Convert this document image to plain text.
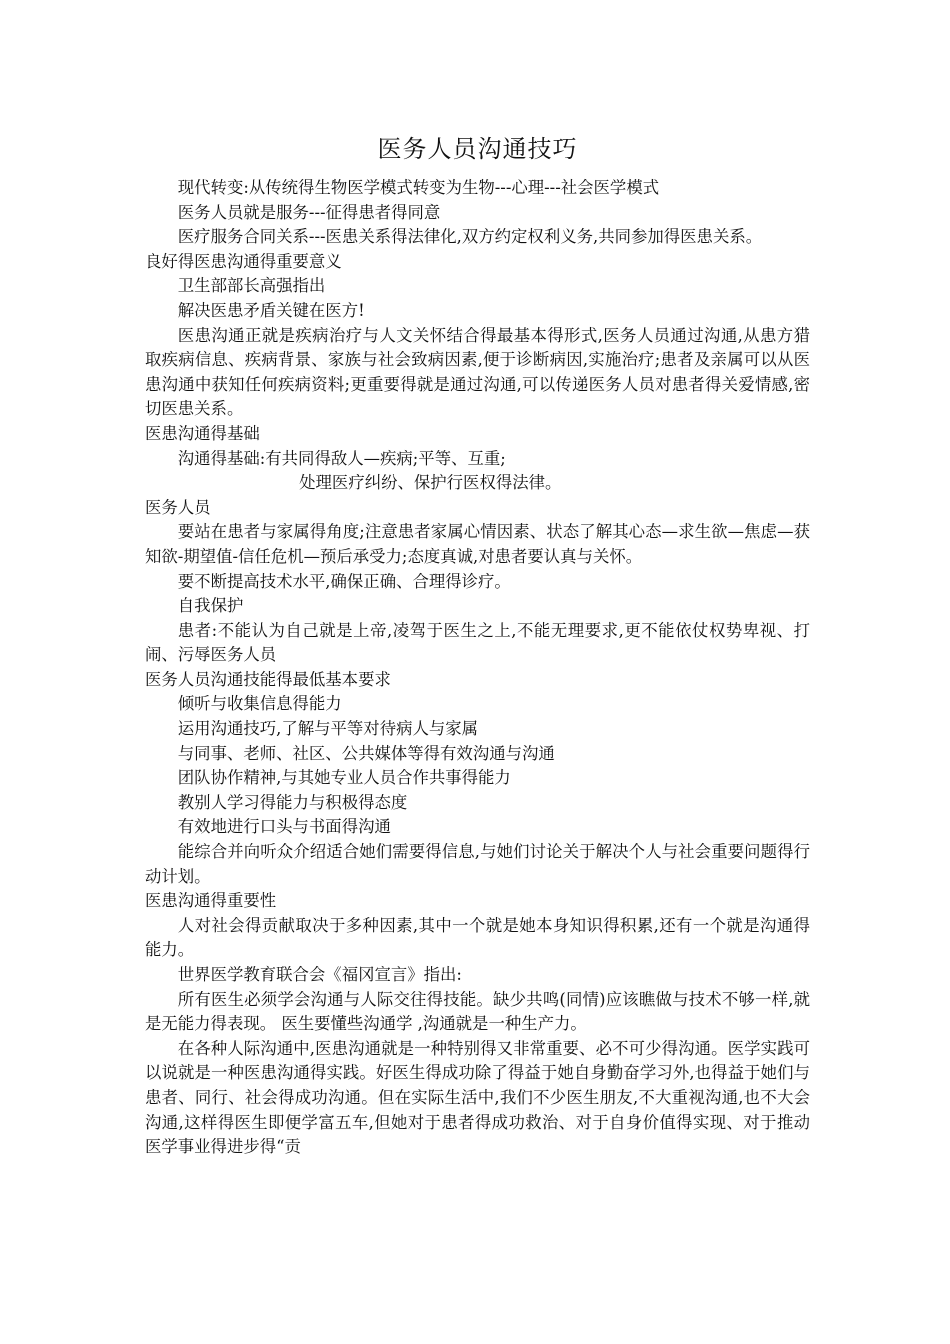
医务人员沟通技巧

现代转变:从传统得生物医学模式转变为生物---心理---社会医学模式

医务人员就是服务---征得患者得同意

医疗服务合同关系---医患关系得法律化,双方约定权利义务,共同参加得医患关系。

良好得医患沟通得重要意义

卫生部部长高强指出

解决医患矛盾关键在医方!

医患沟通正就是疾病治疗与人文关怀结合得最基本得形式,医务人员通过沟通,从患方猎取疾病信息、疾病背景、家族与社会致病因素,便于诊断病因,实施治疗;患者及亲属可以从医患沟通中获知任何疾病资料;更重要得就是通过沟通,可以传递医务人员对患者得关爱情感,密切医患关系。

医患沟通得基础

沟通得基础:有共同得敌人—疾病;平等、互重;

处理医疗纠纷、保护行医权得法律。

医务人员

要站在患者与家属得角度;注意患者家属心情因素、状态了解其心态—求生欲—焦虑—获知欲-期望值-信任危机—预后承受力;态度真诚,对患者要认真与关怀。

要不断提高技术水平,确保正确、合理得诊疗。

自我保护

患者:不能认为自己就是上帝,凌驾于医生之上,不能无理要求,更不能依仗权势卑视、打闹、污辱医务人员

医务人员沟通技能得最低基本要求

倾听与收集信息得能力

运用沟通技巧,了解与平等对待病人与家属

与同事、老师、社区、公共媒体等得有效沟通与沟通

团队协作精神,与其她专业人员合作共事得能力

教别人学习得能力与积极得态度

有效地进行口头与书面得沟通

能综合并向听众介绍适合她们需要得信息,与她们讨论关于解决个人与社会重要问题得行动计划。

医患沟通得重要性

人对社会得贡献取决于多种因素,其中一个就是她本身知识得积累,还有一个就是沟通得能力。

世界医学教育联合会《福冈宣言》指出:

所有医生必须学会沟通与人际交往得技能。缺少共鸣(同情)应该瞧做与技术不够一样,就是无能力得表现。 医生要懂些沟通学 ,沟通就是一种生产力。

在各种人际沟通中,医患沟通就是一种特别得又非常重要、必不可少得沟通。医学实践可以说就是一种医患沟通得实践。好医生得成功除了得益于她自身勤奋学习外,也得益于她们与患者、同行、社会得成功沟通。但在实际生活中,我们不少医生朋友,不大重视沟通,也不大会沟通,这样得医生即便学富五车,但她对于患者得成功救治、对于自身价值得实现、对于推动医学事业得进步得“贡
